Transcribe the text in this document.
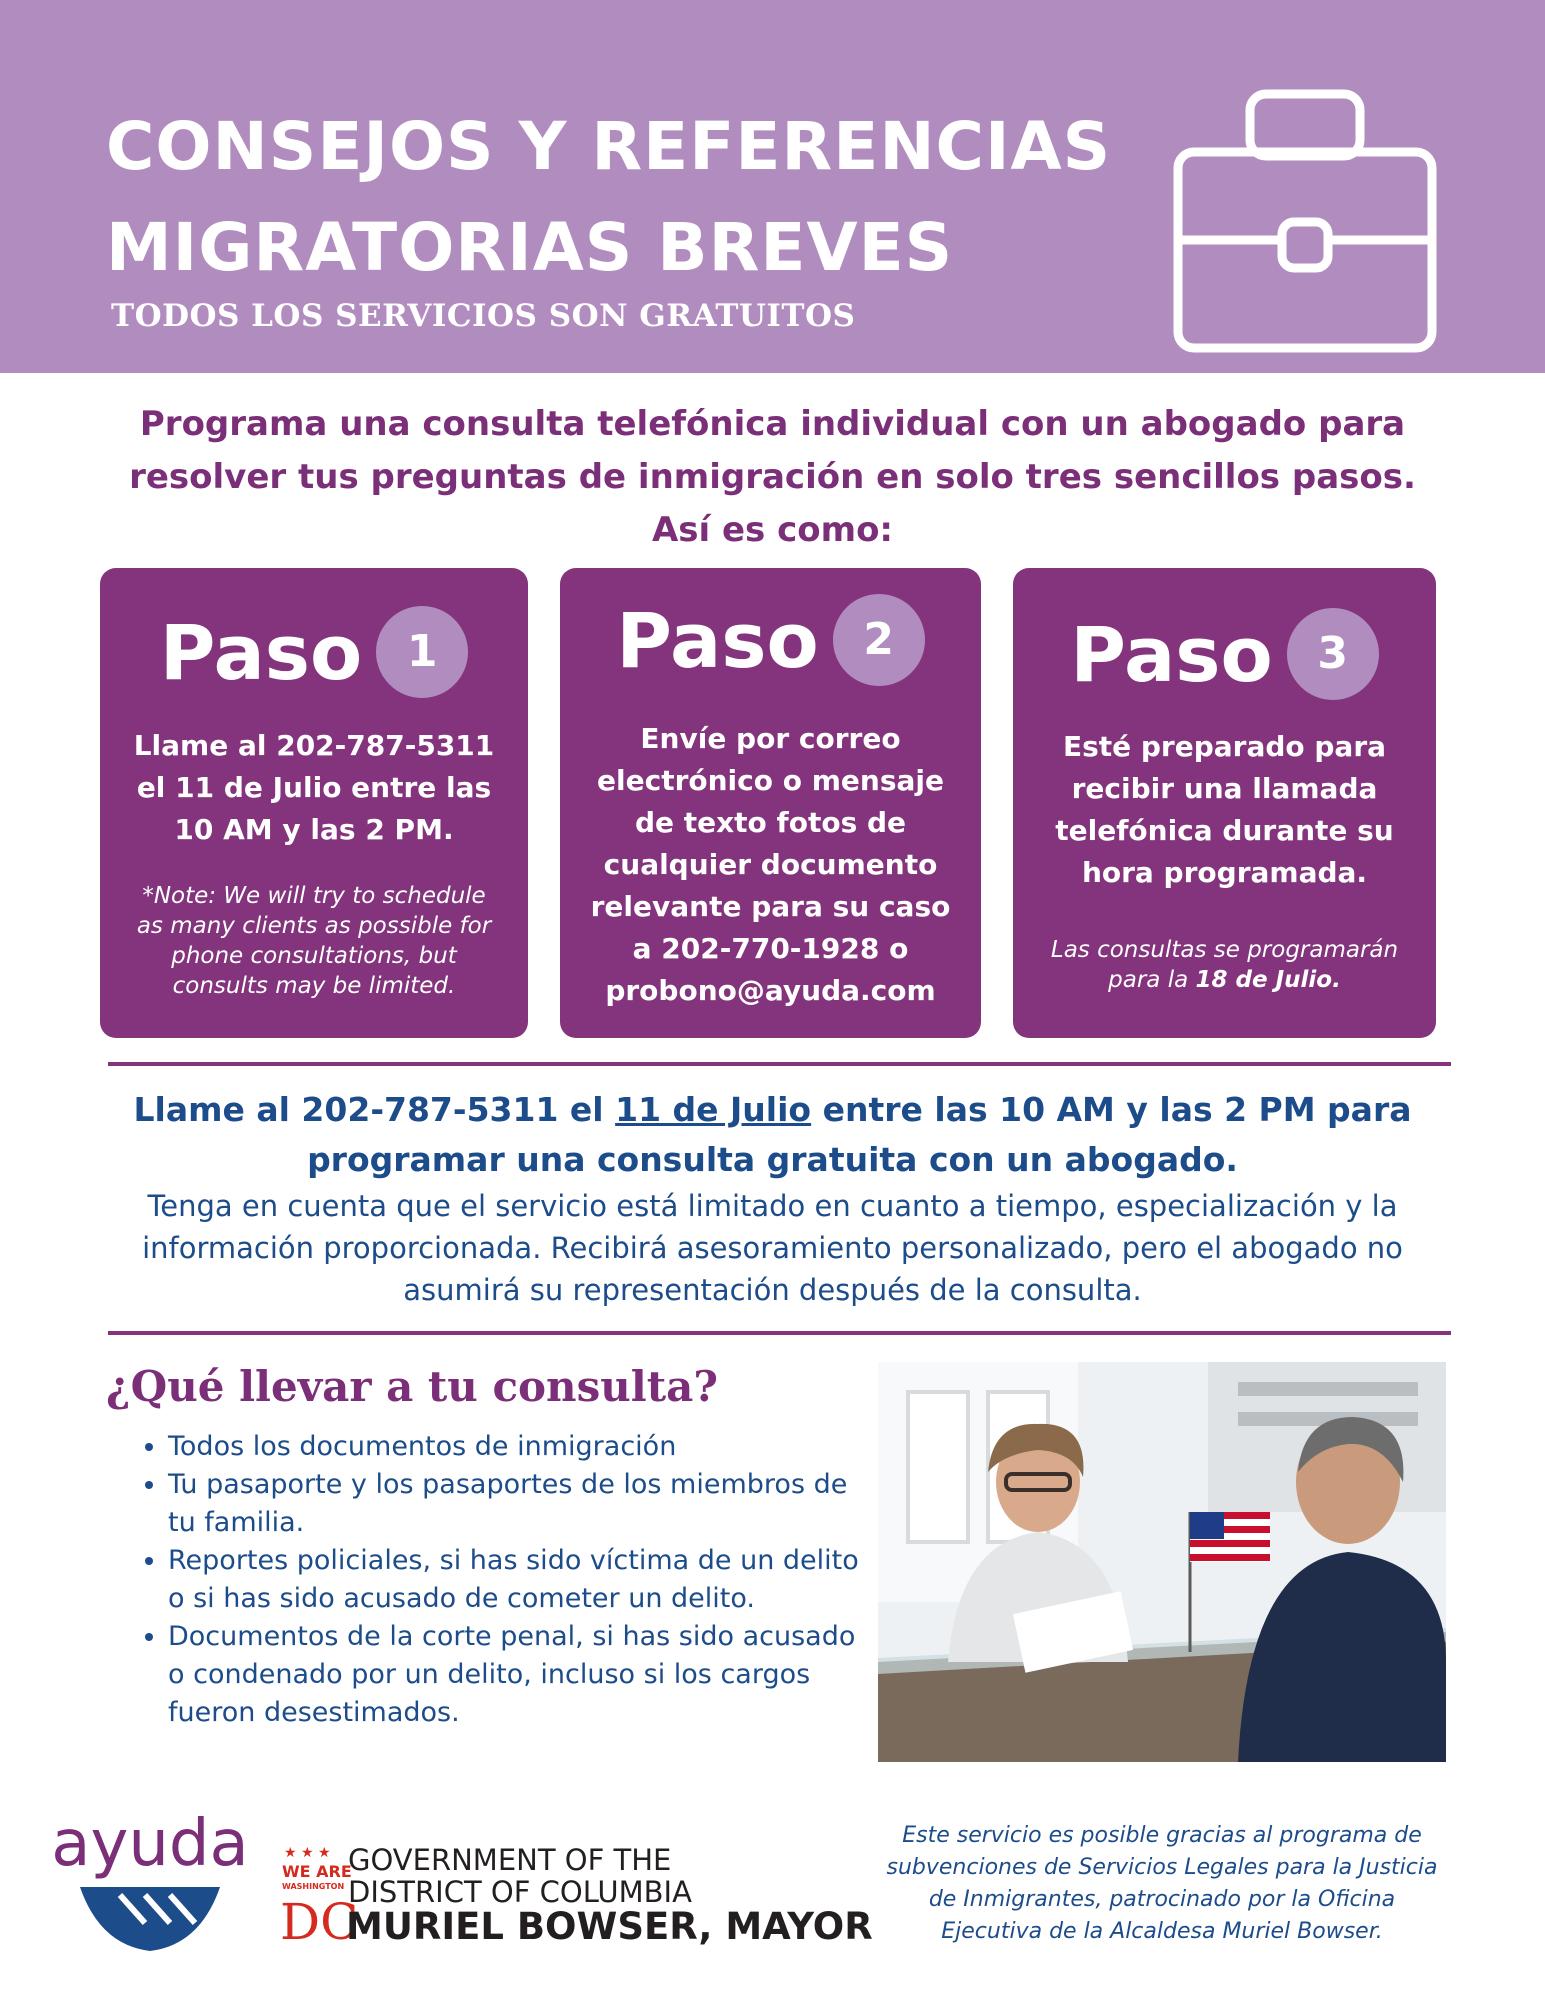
CONSEJOS Y REFERENCIAS
MIGRATORIAS BREVES
TODOS LOS SERVICIOS SON GRATUITOS
Programa una consulta telefónica individual con un abogado para resolver tus preguntas de inmigración en solo tres sencillos pasos. Así es como:
Paso 1
Llame al 202-787-5311 el 11 de Julio entre las 10 AM y las 2 PM.
*Note: We will try to schedule as many clients as possible for phone consultations, but consults may be limited.
Paso 2
Envíe por correo electrónico o mensaje de texto fotos de cualquier documento relevante para su caso a 202-770-1928 o probono@ayuda.com
Paso 3
Esté preparado para recibir una llamada telefónica durante su hora programada.
Las consultas se programarán para la 18 de Julio.
Llame al 202-787-5311 el 11 de Julio entre las 10 AM y las 2 PM para programar una consulta gratuita con un abogado.
Tenga en cuenta que el servicio está limitado en cuanto a tiempo, especialización y la información proporcionada. Recibirá asesoramiento personalizado, pero el abogado no asumirá su representación después de la consulta.
¿Qué llevar a tu consulta?
• Todos los documentos de inmigración
• Tu pasaporte y los pasaportes de los miembros de tu familia.
• Reportes policiales, si has sido víctima de un delito o si has sido acusado de cometer un delito.
• Documentos de la corte penal, si has sido acusado o condenado por un delito, incluso si los cargos fueron desestimados.
ayuda	★ ★ ★
WE ARE
WASHINGTON
DC
GOVERNMENT OF THE
DISTRICT OF COLUMBIA
MURIEL BOWSER, MAYOR
Este servicio es posible gracias al programa de subvenciones de Servicios Legales para la Justicia de Inmigrantes, patrocinado por la Oficina Ejecutiva de la Alcaldesa Muriel Bowser.
